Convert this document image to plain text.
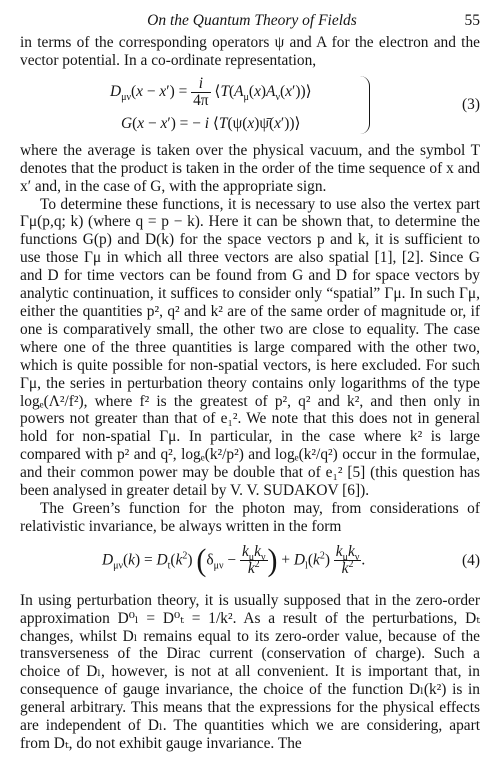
On the Quantum Theory of Fields	55

in terms of the corresponding operators ψ and A for the electron and the vector potential. In a co-ordinate representation,

$D_{\mu\nu}(x - x') = \frac{i}{4\pi}$ $⟨T(A_\mu(x)A_\nu(x'))⟩$
G(x − x′) = − i ⟨T(ψ(x)ψ̄(x′))⟩
(3)

where the average is taken over the physical vacuum, and the symbol T denotes that the product is taken in the order of the time sequence of x and x′ and, in the case of G, with the appropriate sign.

To determine these functions, it is necessary to use also the vertex part Γμ(p,q; k) (where q = p − k). Here it can be shown that, to determine the functions G(p) and D(k) for the space vectors p and k, it is sufficient to use those Γμ in which all three vectors are also spatial [1], [2]. Since G and D for time vectors can be found from G and D for space vectors by analytic continuation, it suffices to consider only “spatial” Γμ. In such Γμ, either the quantities p², q² and k² are of the same order of magnitude or, if one is comparatively small, the other two are close to equality. The case where one of the three quantities is large compared with the other two, which is quite possible for non-spatial vectors, is here excluded. For such Γμ, the series in perturbation theory contains only logarithms of the type logₑ(Λ²/f²), where f² is the greatest of p², q² and k², and then only in powers not greater than that of e₁². We note that this does not in general hold for non-spatial Γμ. In particular, in the case where k² is large compared with p² and q², logₑ(k²/p²) and logₑ(k²/q²) occur in the formulae, and their common power may be double that of e₁² [5] (this question has been analysed in greater detail by V. V. SUDAKOV [6]).

The Green’s function for the photon may, from considerations of relativistic invariance, be always written in the form

$D_{\mu\nu}(k) = D_t(k^2) (\delta_{\mu\nu} - \frac{k_\mu k_\nu}{k^2}$ ) + $D_l(k^2) \frac{k_\mu k_\nu}{k^2}$ .	(4)

In using perturbation theory, it is usually supposed that in the zero-order approximation D⁰ₗ = D⁰ₜ = 1/k². As a result of the perturbations, Dₜ changes, whilst Dₗ remains equal to its zero-order value, because of the transverseness of the Dirac current (conservation of charge). Such a choice of Dₗ, however, is not at all convenient. It is important that, in consequence of gauge invariance, the choice of the function Dₗ(k²) is in general arbitrary. This means that the expressions for the physical effects are independent of Dₗ. The quantities which we are considering, apart from Dₜ, do not exhibit gauge invariance. The
